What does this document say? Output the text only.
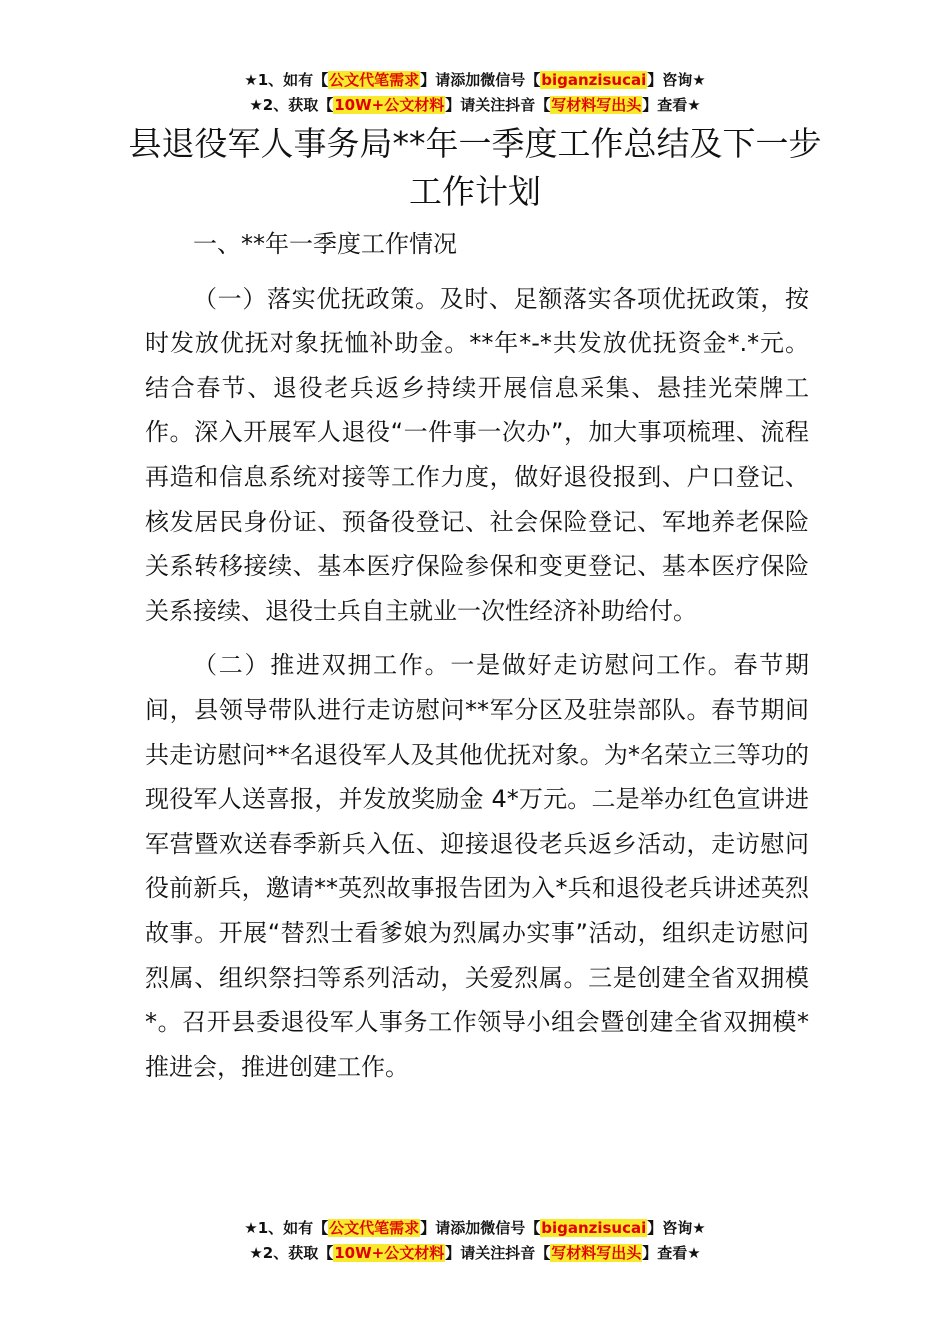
★1、如有【公文代笔需求】请添加微信号【biganzisucai】咨询★
★2、获取【10W+公文材料】请关注抖音【写材料写出头】查看★
县退役军人事务局**年一季度工作总结及下一步工作计划

一、**年一季度工作情况

（一）落实优抚政策。及时、足额落实各项优抚政策，按时发放优抚对象抚恤补助金。**年*-*共发放优抚资金*.*元。结合春节、退役老兵返乡持续开展信息采集、悬挂光荣牌工作。深入开展军人退役“一件事一次办”，加大事项梳理、流程再造和信息系统对接等工作力度，做好退役报到、户口登记、核发居民身份证、预备役登记、社会保险登记、军地养老保险关系转移接续、基本医疗保险参保和变更登记、基本医疗保险关系接续、退役士兵自主就业一次性经济补助给付。

（二）推进双拥工作。一是做好走访慰问工作。春节期间，县领导带队进行走访慰问**军分区及驻崇部队。春节期间共走访慰问**名退役军人及其他优抚对象。为*名荣立三等功的现役军人送喜报，并发放奖励金 4*万元。二是举办红色宣讲进军营暨欢送春季新兵入伍、迎接退役老兵返乡活动，走访慰问役前新兵，邀请**英烈故事报告团为入*兵和退役老兵讲述英烈故事。开展“替烈士看爹娘为烈属办实事”活动，组织走访慰问烈属、组织祭扫等系列活动，关爱烈属。三是创建全省双拥模*。召开县委退役军人事务工作领导小组会暨创建全省双拥模*推进会，推进创建工作。

★1、如有【公文代笔需求】请添加微信号【biganzisucai】咨询★
★2、获取【10W+公文材料】请关注抖音【写材料写出头】查看★
